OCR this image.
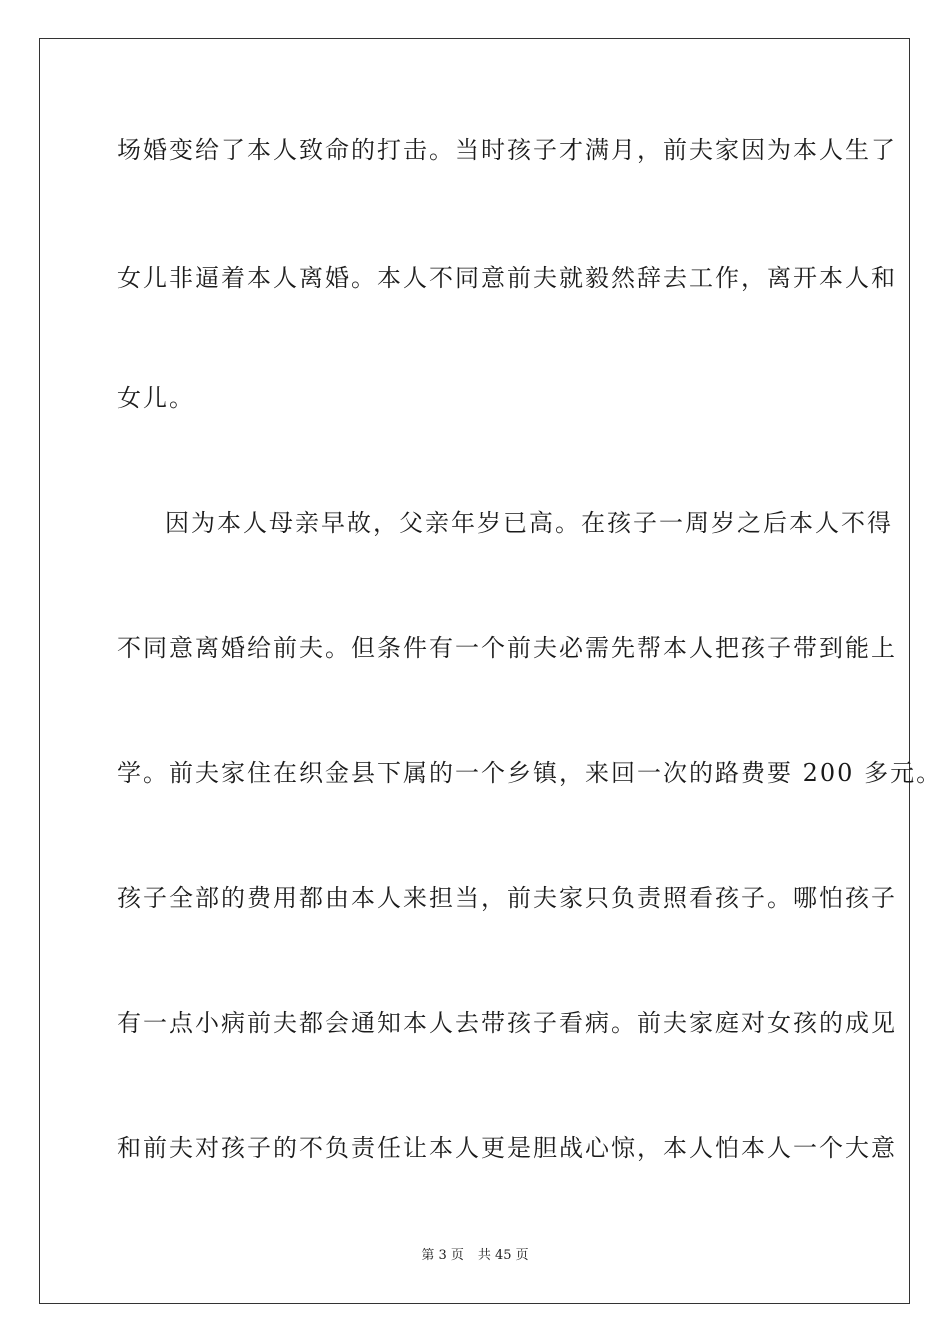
场婚变给了本人致命的打击。当时孩子才满月，前夫家因为本人生了
女儿非逼着本人离婚。本人不同意前夫就毅然辞去工作，离开本人和
女儿。
因为本人母亲早故，父亲年岁已高。在孩子一周岁之后本人不得
不同意离婚给前夫。但条件有一个前夫必需先帮本人把孩子带到能上
学。前夫家住在织金县下属的一个乡镇，来回一次的路费要 200 多元。
孩子全部的费用都由本人来担当，前夫家只负责照看孩子。哪怕孩子
有一点小病前夫都会通知本人去带孩子看病。前夫家庭对女孩的成见
和前夫对孩子的不负责任让本人更是胆战心惊，本人怕本人一个大意
第 3 页 共 45 页
